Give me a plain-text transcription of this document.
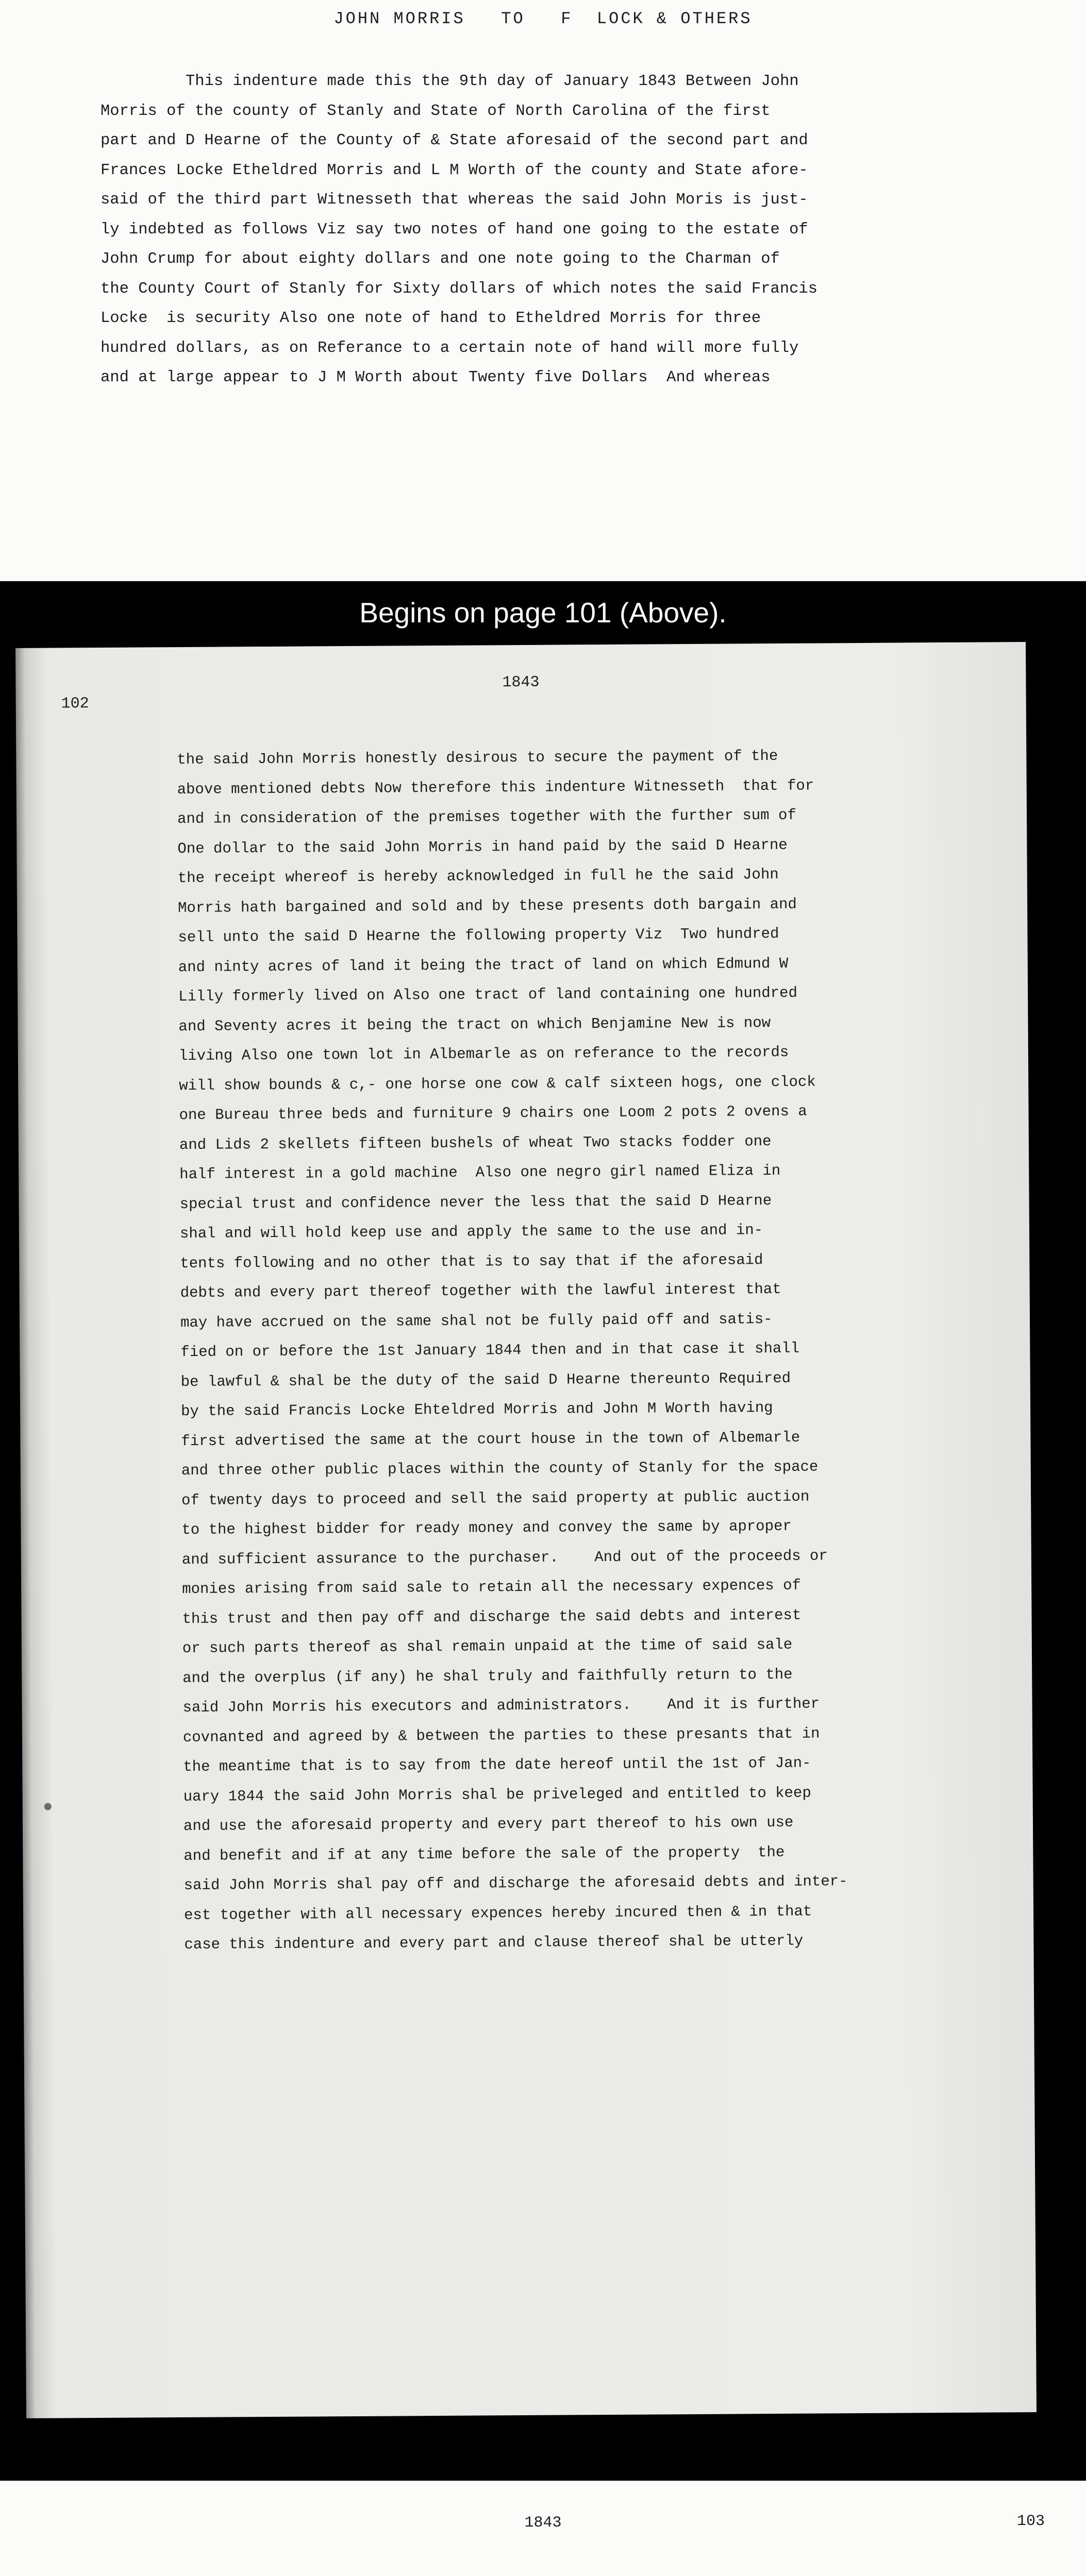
JOHN MORRIS   TO   F  LOCK & OTHERS
This indenture made this the 9th day of January 1843 Between John
Morris of the county of Stanly and State of North Carolina of the first
part and D Hearne of the County of & State aforesaid of the second part and
Frances Locke Etheldred Morris and L M Worth of the county and State afore-
said of the third part Witnesseth that whereas the said John Moris is just-
ly indebted as follows Viz say two notes of hand one going to the estate of
John Crump for about eighty dollars and one note going to the Charman of
the County Court of Stanly for Sixty dollars of which notes the said Francis
Locke  is security Also one note of hand to Etheldred Morris for three
hundred dollars, as on Referance to a certain note of hand will more fully
and at large appear to J M Worth about Twenty five Dollars  And whereas
Begins on page 101 (Above).
1843
102
the said John Morris honestly desirous to secure the payment of the
above mentioned debts Now therefore this indenture Witnesseth  that for
and in consideration of the premises together with the further sum of
One dollar to the said John Morris in hand paid by the said D Hearne
the receipt whereof is hereby acknowledged in full he the said John
Morris hath bargained and sold and by these presents doth bargain and
sell unto the said D Hearne the following property Viz  Two hundred
and ninty acres of land it being the tract of land on which Edmund W
Lilly formerly lived on Also one tract of land containing one hundred
and Seventy acres it being the tract on which Benjamine New is now
living Also one town lot in Albemarle as on referance to the records
will show bounds & c,- one horse one cow & calf sixteen hogs, one clock
one Bureau three beds and furniture 9 chairs one Loom 2 pots 2 ovens a
and Lids 2 skellets fifteen bushels of wheat Two stacks fodder one
half interest in a gold machine  Also one negro girl named Eliza in
special trust and confidence never the less that the said D Hearne
shal and will hold keep use and apply the same to the use and in-
tents following and no other that is to say that if the aforesaid
debts and every part thereof together with the lawful interest that
may have accrued on the same shal not be fully paid off and satis-
fied on or before the 1st January 1844 then and in that case it shall
be lawful & shal be the duty of the said D Hearne thereunto Required
by the said Francis Locke Ehteldred Morris and John M Worth having
first advertised the same at the court house in the town of Albemarle
and three other public places within the county of Stanly for the space
of twenty days to proceed and sell the said property at public auction
to the highest bidder for ready money and convey the same by aproper
and sufficient assurance to the purchaser.    And out of the proceeds or
monies arising from said sale to retain all the necessary expences of
this trust and then pay off and discharge the said debts and interest
or such parts thereof as shal remain unpaid at the time of said sale
and the overplus (if any) he shal truly and faithfully return to the
said John Morris his executors and administrators.    And it is further
covnanted and agreed by & between the parties to these presants that in
the meantime that is to say from the date hereof until the 1st of Jan-
uary 1844 the said John Morris shal be priveleged and entitled to keep
and use the aforesaid property and every part thereof to his own use
and benefit and if at any time before the sale of the property  the
said John Morris shal pay off and discharge the aforesaid debts and inter-
est together with all necessary expences hereby incured then & in that
case this indenture and every part and clause thereof shal be utterly
1843	103
